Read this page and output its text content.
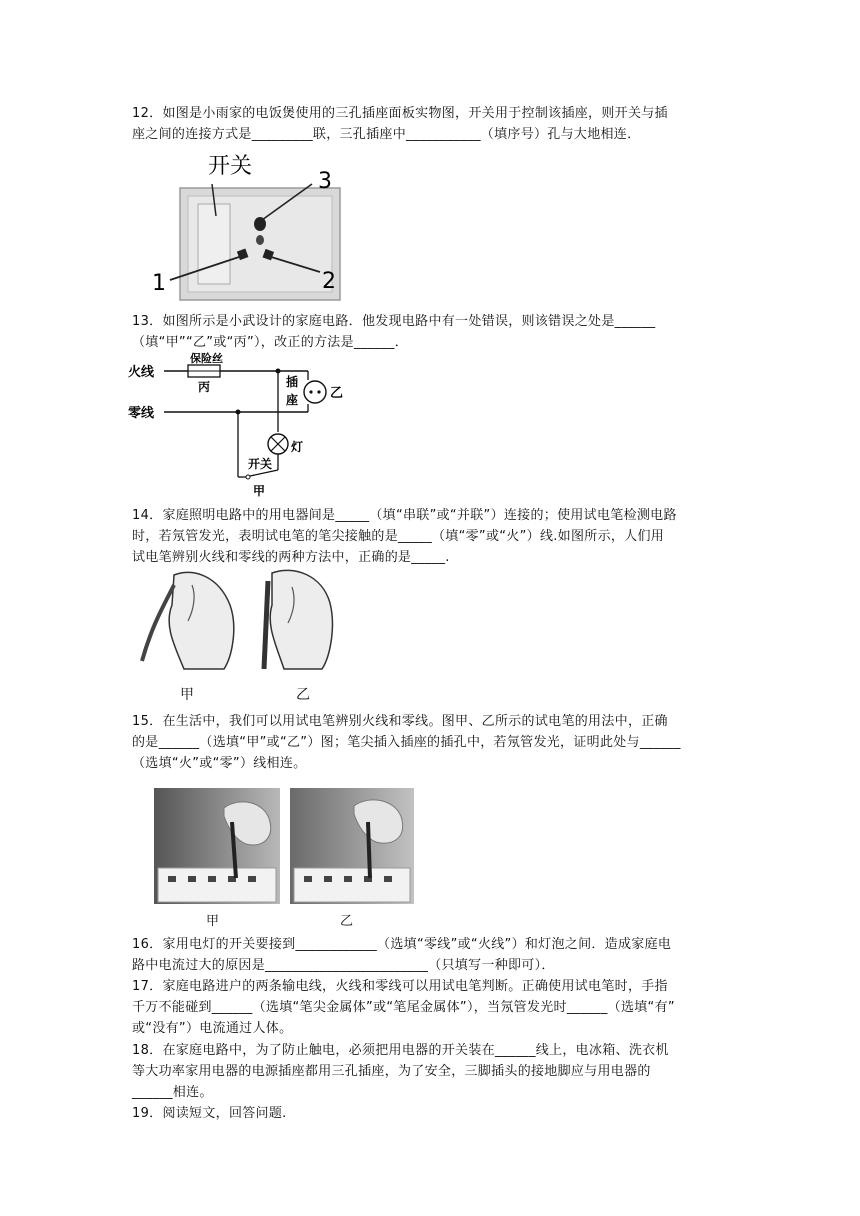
12．如图是小雨家的电饭煲使用的三孔插座面板实物图，开关用于控制该插座，则开关与插

座之间的连接方式是_________联，三孔插座中___________（填序号）孔与大地相连．

开关
3
1	2

13．如图所示是小武设计的家庭电路．他发现电路中有一处错误，则该错误之处是______

（填“甲”“乙”或“丙”），改正的方法是______．

火线
零线
保险丝
丙	插
座 乙
灯
开关
甲

14．家庭照明电路中的用电器间是_____（填“串联”或“并联”）连接的；使用试电笔检测电路

时，若氖管发光，表明试电笔的笔尖接触的是_____（填“零”或“火”）线.如图所示，人们用

试电笔辨别火线和零线的两种方法中，正确的是_____.

甲	乙

15．在生活中，我们可以用试电笔辨别火线和零线。图甲、乙所示的试电笔的用法中，正确

的是______（选填“甲”或“乙”）图；笔尖插入插座的插孔中，若氖管发光，证明此处与______

（选填“火”或“零”）线相连。

甲	乙

16．家用电灯的开关要接到____________（选填“零线”或“火线”）和灯泡之间．造成家庭电

路中电流过大的原因是________________________（只填写一种即可）．

17．家庭电路进户的两条输电线，火线和零线可以用试电笔判断。正确使用试电笔时，手指

千万不能碰到______（选填“笔尖金属体”或“笔尾金属体”），当氖管发光时______（选填“有”

或“没有”）电流通过人体。

18．在家庭电路中，为了防止触电，必须把用电器的开关装在______线上，电冰箱、洗衣机

等大功率家用电器的电源插座都用三孔插座，为了安全，三脚插头的接地脚应与用电器的

______相连。

19．阅读短文，回答问题.
